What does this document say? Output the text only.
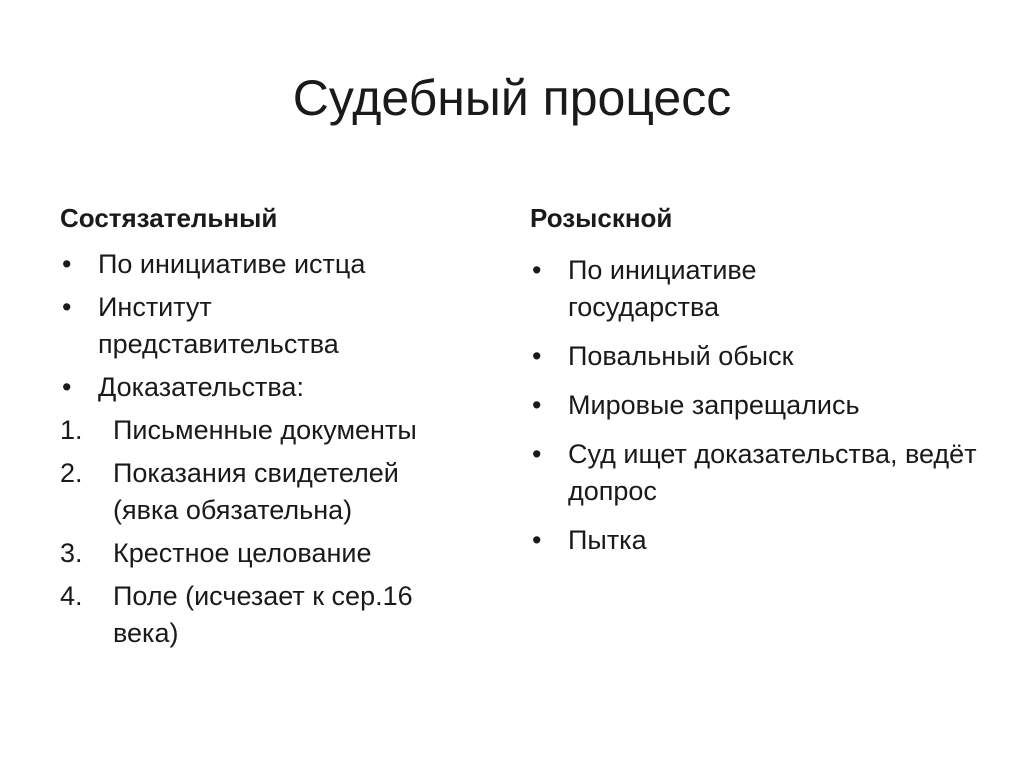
Судебный процесс
Состязательный
• По инициативе истца
• Институт представительства
• Доказательства:
1. Письменные документы
2. Показания свидетелей (явка обязательна)
3. Крестное целование
4. Поле (исчезает к сер.16 века)
Розыскной
• По инициативе государства
• Повальный обыск
• Мировые запрещались
• Суд ищет доказательства, ведёт допрос
• Пытка
